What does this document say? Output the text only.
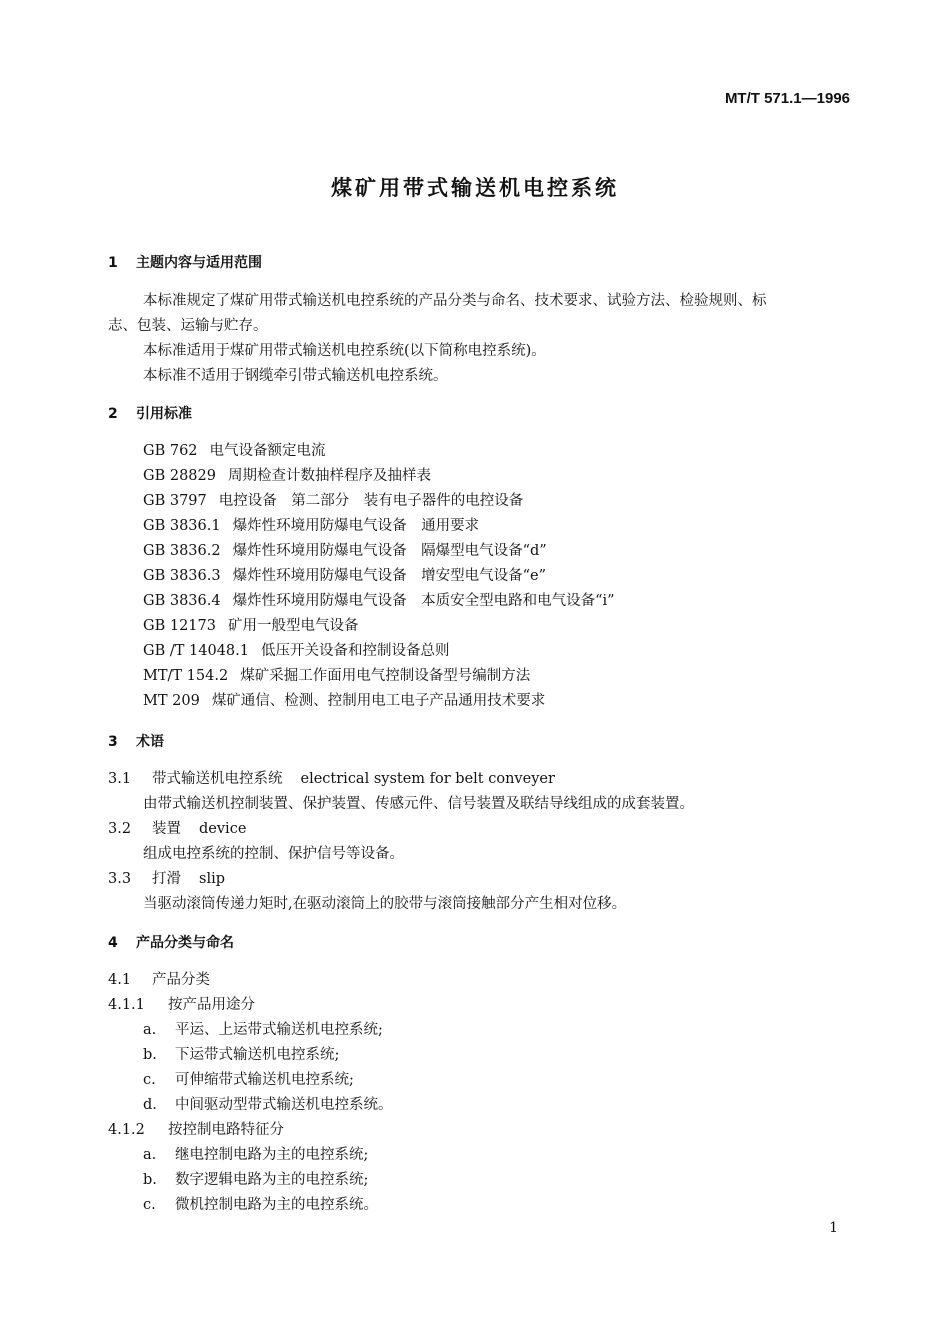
MT/T 571.1—1996
煤矿用带式输送机电控系统
1 主题内容与适用范围
本标准规定了煤矿用带式输送机电控系统的产品分类与命名、技术要求、试验方法、检验规则、标
志、包装、运输与贮存。
本标准适用于煤矿用带式输送机电控系统(以下简称电控系统)。
本标准不适用于钢缆牵引带式输送机电控系统。
2 引用标准
GB 762 电气设备额定电流
GB 28829 周期检查计数抽样程序及抽样表
GB 3797 电控设备　第二部分　装有电子器件的电控设备
GB 3836.1 爆炸性环境用防爆电气设备　通用要求
GB 3836.2 爆炸性环境用防爆电气设备　隔爆型电气设备“d”
GB 3836.3 爆炸性环境用防爆电气设备　增安型电气设备“e”
GB 3836.4 爆炸性环境用防爆电气设备　本质安全型电路和电气设备“i”
GB 12173 矿用一般型电气设备
GB /T 14048.1 低压开关设备和控制设备总则
MT/T 154.2 煤矿采掘工作面用电气控制设备型号编制方法
MT 209 煤矿通信、检测、控制用电工电子产品通用技术要求
3 术语
3.1 带式输送机电控系统 electrical system for belt conveyer
由带式输送机控制装置、保护装置、传感元件、信号装置及联结导线组成的成套装置。
3.2 装置 device
组成电控系统的控制、保护信号等设备。
3.3 打滑 slip
当驱动滚筒传递力矩时,在驱动滚筒上的胶带与滚筒接触部分产生相对位移。
4 产品分类与命名
4.1 产品分类
4.1.1 按产品用途分
a. 平运、上运带式输送机电控系统;
b. 下运带式输送机电控系统;
c. 可伸缩带式输送机电控系统;
d. 中间驱动型带式输送机电控系统。
4.1.2 按控制电路特征分
a. 继电控制电路为主的电控系统;
b. 数字逻辑电路为主的电控系统;
c. 微机控制电路为主的电控系统。
1
